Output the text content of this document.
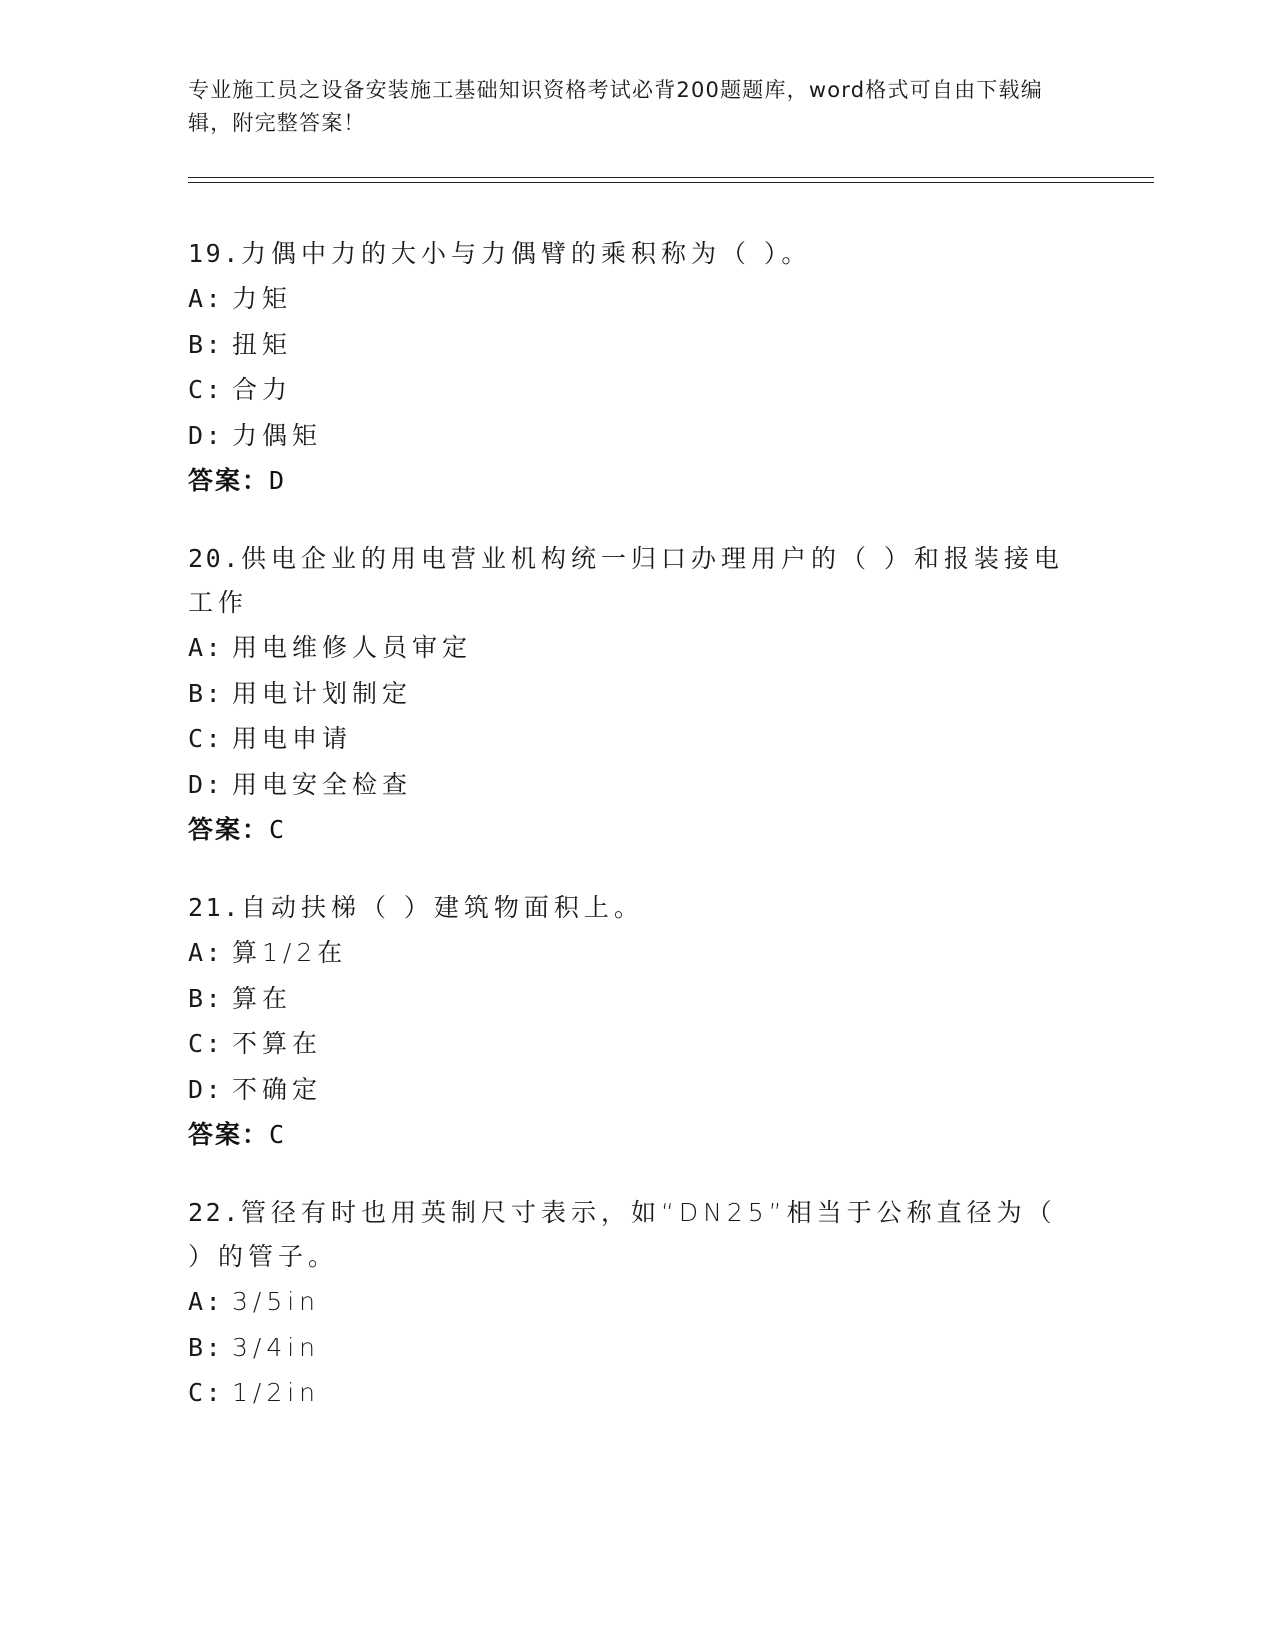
专业施工员之设备安装施工基础知识资格考试必背200题题库，word格式可自由下载编辑，附完整答案！
19.力偶中力的大小与力偶臂的乘积称为（ ）。
A: 力矩
B: 扭矩
C: 合力
D: 力偶矩
答案：D
20.供电企业的用电营业机构统一归口办理用户的（ ）和报装接电工作
A: 用电维修人员审定
B: 用电计划制定
C: 用电申请
D: 用电安全检查
答案：C
21.自动扶梯（ ）建筑物面积上。
A: 算1/2在
B: 算在
C: 不算在
D: 不确定
答案：C
22.管径有时也用英制尺寸表示，如“DN25”相当于公称直径为（ ）的管子。
A: 3/5in
B: 3/4in
C: 1/2in
